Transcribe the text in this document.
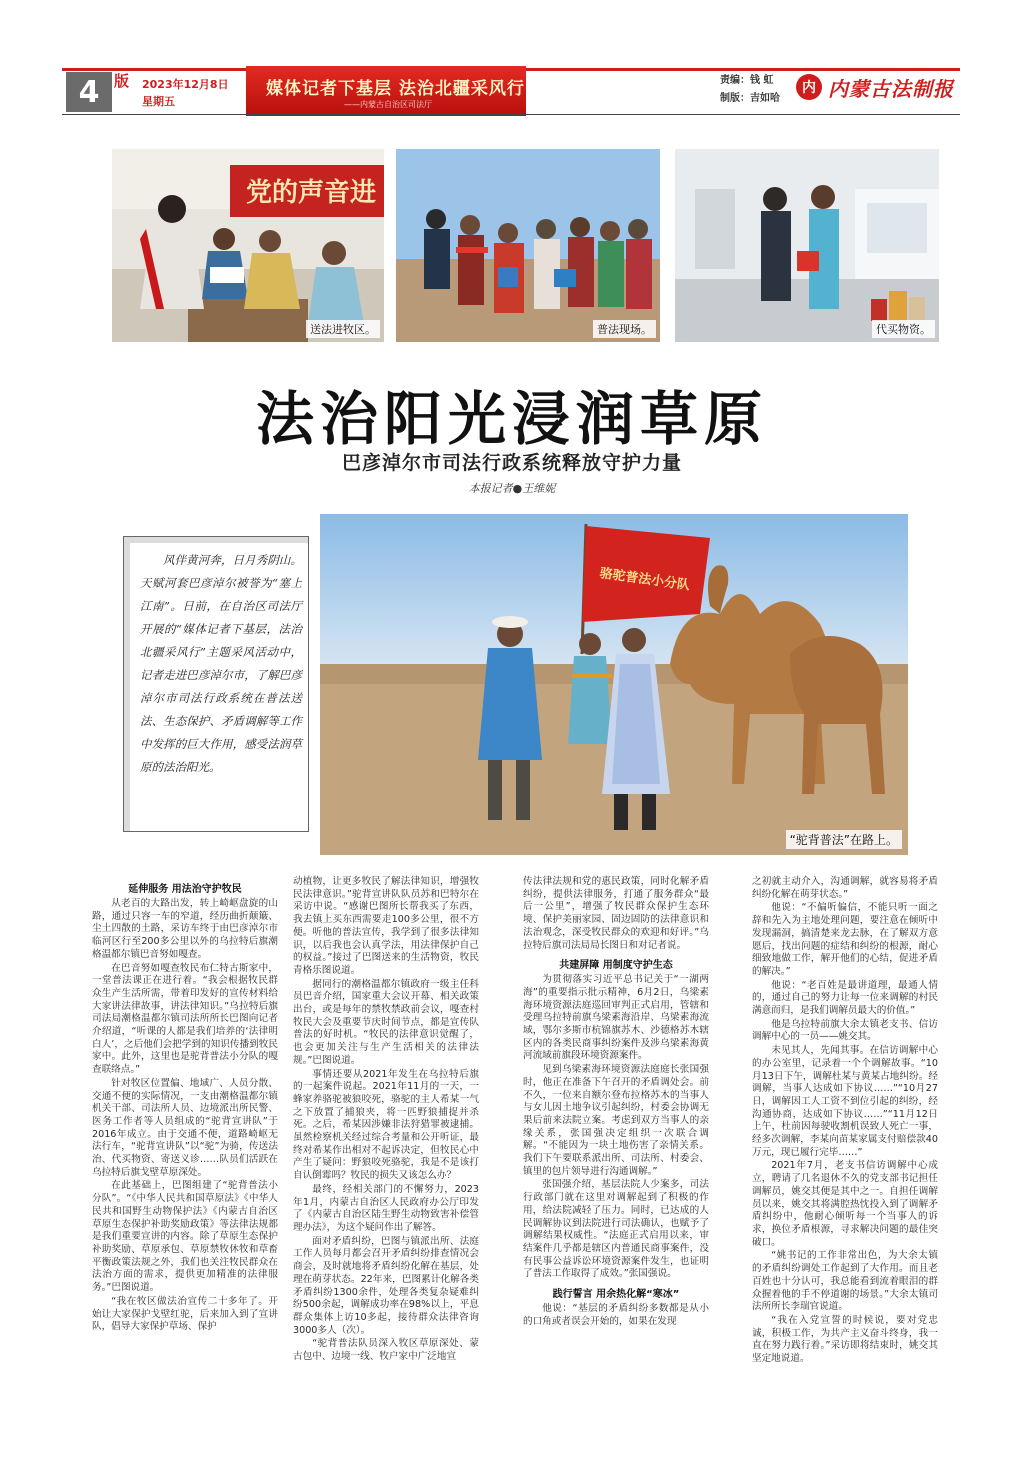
4 版 2023年12月8日
星期五
媒体记者下基层 法治北疆采风行
——内蒙古自治区司法厅
责编：钱 虹
制版：吉如哈
内 内蒙古法制报
党的声音进
送法进牧区。	普法现场。	代买物资。
法治阳光浸润草原
巴彦淖尔市司法行政系统释放守护力量
本报记者●王维妮
风伴黄河奔，日月秀阴山。天赋河套巴彦淖尔被誉为“塞上江南”。日前，在自治区司法厅开展的“媒体记者下基层，法治北疆采风行”主题采风活动中，记者走进巴彦淖尔市，了解巴彦淖尔市司法行政系统在普法送法、生态保护、矛盾调解等工作中发挥的巨大作用，感受法润草原的法治阳光。
骆驼普法小分队
“驼背普法”在路上。
延伸服务 用法治守护牧民

从老百的大路出发，转上崎岖盘旋的山路，通过只容一车的窄道，经历曲折颠簸、尘土四散的土路，采访车终于由巴彦淖尔市临河区行至200多公里以外的乌拉特后旗潮格温都尔镇巴音努如嘎查。

在巴音努如嘎查牧民布仁特古斯家中，一堂普法课正在进行着。“我会根据牧民群众生产生活所需，带着印发好的宣传材料给大家讲法律故事，讲法律知识。”乌拉特后旗司法局潮格温都尔镇司法所所长巴图向记者介绍道，“听课的人都是我们培养的‘法律明白人’，之后他们会把学到的知识传播到牧民家中。此外，这里也是驼背普法小分队的嘎查联络点。”

针对牧区位置偏、地域广、人员分散、交通不便的实际情况，一支由潮格温都尔镇机关干部、司法所人员、边境派出所民警、医务工作者等人员组成的“驼背宣讲队”于2016年成立。由于交通不便，道路崎岖无法行车，“驼背宣讲队”以“驼”为骑，传送法治、代买物资、寄送义诊……队员们活跃在乌拉特后旗戈壁草原深处。

在此基础上，巴图组建了“驼背普法小分队”。“《中华人民共和国草原法》《中华人民共和国野生动物保护法》《内蒙古自治区草原生态保护补助奖励政策》等法律法规都是我们重要宣讲的内容。除了草原生态保护补助奖励、草原承包、草原禁牧休牧和草畜平衡政策法规之外，我们也关注牧民群众在法治方面的需求，提供更加精准的法律服务。”巴图说道。

“我在牧区做法治宣传二十多年了。开始让大家保护戈壁红驼，后来加入到了宣讲队，倡导大家保护草场、保护

动植物，让更多牧民了解法律知识，增强牧民法律意识。”驼背宣讲队队员苏和巴特尔在采访中说。“感谢巴图所长帮我买了东西，我去镇上买东西需要走100多公里，很不方便。听他的普法宣传，我学到了很多法律知识，以后我也会认真学法，用法律保护自己的权益。”接过了巴图送来的生活物资，牧民青格乐图说道。

据同行的潮格温都尔镇政府一级主任科员巴音介绍，国家重大会议开幕、相关政策出台，或是每年的禁牧禁政前会议，嘎查村牧民大会及重要节庆时间节点，都是宣传队普法的好时机。“牧民的法律意识觉醒了，也会更加关注与生产生活相关的法律法规。”巴图说道。

事情还要从2021年发生在乌拉特后旗的一起案件说起。2021年11月的一天，一蜂家养骆驼被狼咬死，骆驼的主人希某一气之下放置了捕狼夹，将一匹野狼捕捉并杀死。之后，希某因涉嫌非法狩猎罪被逮捕。虽然检察机关经过综合考量和公开听证，最终对希某作出相对不起诉决定，但牧民心中产生了疑问：野狼咬死骆驼，我是不是该打自认倒霉吗？牧民的损失又该怎么办？

最终，经相关部门的不懈努力，2023年1月，内蒙古自治区人民政府办公厅印发了《内蒙古自治区陆生野生动物致害补偿管理办法》，为这个疑问作出了解答。

面对矛盾纠纷，巴图与镇派出所、法庭工作人员每月都会召开矛盾纠纷排查情况会商会，及时就地将矛盾纠纷化解在基层，处理在萌芽状态。22年来，巴图累计化解各类矛盾纠纷1300余件，处理各类复杂疑难纠纷500余起，调解成功率在98%以上，平息群众集体上访10多起，接待群众法律咨询3000多人（次）。

“驼背普法队员深入牧区草原深处、蒙古包中、边境一线、牧户家中广泛地宣

传法律法规和党的惠民政策，同时化解矛盾纠纷，提供法律服务，打通了服务群众“最后一公里”，增强了牧民群众保护生态环境、保护美丽家园、固边固防的法律意识和法治观念，深受牧民群众的欢迎和好评。”乌拉特后旗司法局局长图日和对记者说。

共建屏障 用制度守护生态

为贯彻落实习近平总书记关于“一湖两海”的重要指示批示精神，6月2日，乌梁素海环境资源法庭巡回审判正式启用，管辖和受理乌拉特前旗乌梁素海沿岸、乌梁素海流域，鄂尔多斯市杭锦旗苏木、沙德格苏木辖区内的各类民商事纠纷案件及涉乌梁素海黄河流域前旗段环境资源案件。

见到乌梁素海环境资源法庭庭长张国强时，他正在准备下午召开的矛盾调处会。前不久，一位来自额尔登布拉格苏木的当事人与女儿因土地争议引起纠纷，村委会协调无果后前来法院立案。考虑到双方当事人的亲缘关系，张国强决定组织一次联合调解。“不能因为一块土地伤害了亲情关系。我们下午要联系派出所、司法所、村委会、镇里的包片领导进行沟通调解。”

张国强介绍，基层法院人少案多，司法行政部门就在这里对调解起到了积极的作用，给法院减轻了压力。同时，已达成的人民调解协议到法院进行司法确认，也赋予了调解结果权威性。“法庭正式启用以来，审结案件几乎都是辖区内普通民商事案件，没有民事公益诉讼环境资源案件发生，也证明了普法工作取得了成效。”张国强说。

践行誓言 用余热化解“寒冰”

他说：“基层的矛盾纠纷多数都是从小的口角或者误会开始的，如果在发现

之初就主动介入，沟通调解，就容易将矛盾纠纷化解在萌芽状态。”

他说：“不偏听偏信，不能只听一面之辞和先入为主地处理问题，要注意在倾听中发现漏洞，搞清楚来龙去脉，在了解双方意愿后，找出问题的症结和纠纷的根源，耐心细致地做工作，解开他们的心结，促进矛盾的解决。”

他说：“老百姓是最讲道理，最通人情的，通过自己的努力让每一位来调解的村民满意而归，是我们调解员最大的价值。”

他是乌拉特前旗大余太镇老支书、信访调解中心的一员——姚交其。

未见其人，先闻其事。在信访调解中心的办公室里，记录着一个个调解故事。“10月13日下午，调解杜某与黄某占地纠纷。经调解，当事人达成如下协议……”“10月27日，调解因工人工资不到位引起的纠纷，经沟通协商，达成如下协议……”“11月12日上午，杜前因每驶收割机误致人死亡一事，经多次调解，李某向苗某家属支付赔偿款40万元，现已履行完毕……”

2021年7月，老支书信访调解中心成立，聘请了几名退休不久的党支部书记担任调解员，姚交其便是其中之一。自担任调解员以来，姚交其将满腔热忱投入到了调解矛盾纠纷中，他耐心倾听每一个当事人的诉求，换位矛盾根源，寻求解决问题的最佳突破口。

“姚书记的工作非常出色，为大余太镇的矛盾纠纷调处工作起到了大作用。而且老百姓也十分认可，我总能看到流着眼泪的群众握着他的手不停道谢的场景。”大余太镇司法所所长李瑞官说道。

“我在入党宣誓的时候说，要对党忠诚，积极工作，为共产主义奋斗终身，我一直在努力践行着。”采访即将结束时，姚交其坚定地说道。
